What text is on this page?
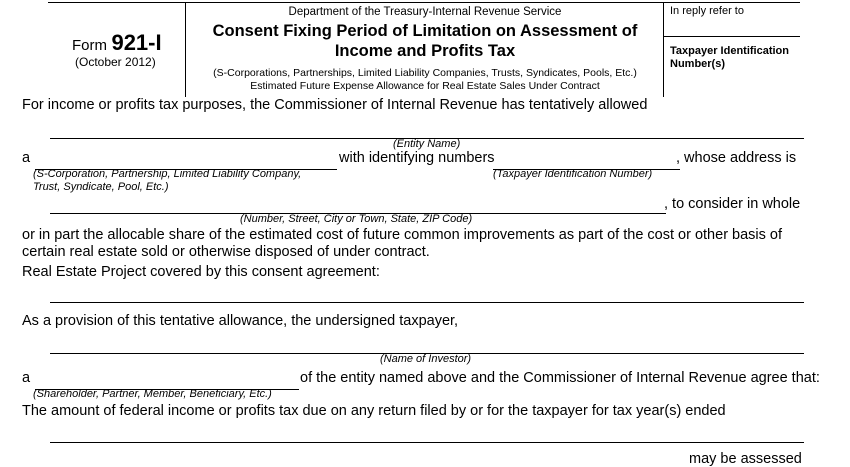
Form 921-I
(October 2012)
Department of the Treasury-Internal Revenue Service
Consent Fixing Period of Limitation on Assessment of
Income and Profits Tax
(S-Corporations, Partnerships, Limited Liability Companies, Trusts, Syndicates, Pools, Etc.)
Estimated Future Expense Allowance for Real Estate Sales Under Contract
In reply refer to
Taxpayer Identification
Number(s)
For income or profits tax purposes, the Commissioner of Internal Revenue has tentatively allowed
(Entity Name)
a	with identifying numbers	, whose address is
(S-Corporation, Partnership, Limited Liability Company,
Trust, Syndicate, Pool, Etc.)
(Taxpayer Identification Number)
, to consider in whole
(Number, Street, City or Town, State, ZIP Code)
or in part the allocable share of the estimated cost of future common improvements as part of the cost or other basis of
certain real estate sold or otherwise disposed of under contract.
Real Estate Project covered by this consent agreement:
As a provision of this tentative allowance, the undersigned taxpayer,
(Name of Investor)
a	of the entity named above and the Commissioner of Internal Revenue agree that:
(Shareholder, Partner, Member, Beneficiary, Etc.)
The amount of federal income or profits tax due on any return filed by or for the taxpayer for tax year(s) ended
may be assessed
